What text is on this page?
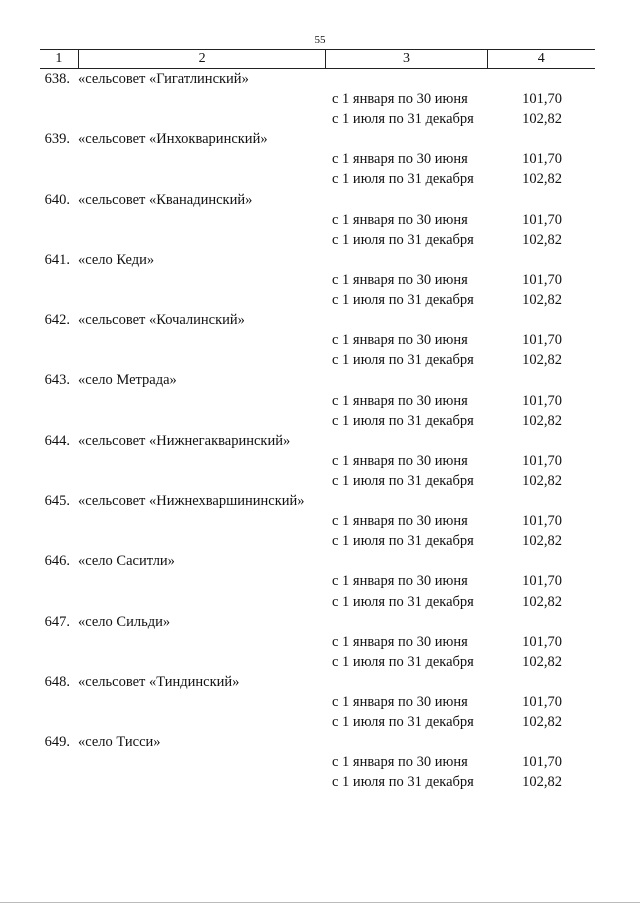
55
1	2	3	4
638. «сельсовет «Гигатлинский»
с 1 января по 30 июня	101,70
с 1 июля по 31 декабря	102,82
639. «сельсовет «Инхокваринский»
с 1 января по 30 июня	101,70
с 1 июля по 31 декабря	102,82
640. «сельсовет «Кванадинский»
с 1 января по 30 июня	101,70
с 1 июля по 31 декабря	102,82
641. «село Кеди»
с 1 января по 30 июня	101,70
с 1 июля по 31 декабря	102,82
642. «сельсовет «Кочалинский»
с 1 января по 30 июня	101,70
с 1 июля по 31 декабря	102,82
643. «село Метрада»
с 1 января по 30 июня	101,70
с 1 июля по 31 декабря	102,82
644. «сельсовет «Нижнегакваринский»
с 1 января по 30 июня	101,70
с 1 июля по 31 декабря	102,82
645. «сельсовет «Нижнехваршининский»
с 1 января по 30 июня	101,70
с 1 июля по 31 декабря	102,82
646. «село Саситли»
с 1 января по 30 июня	101,70
с 1 июля по 31 декабря	102,82
647. «село Сильди»
с 1 января по 30 июня	101,70
с 1 июля по 31 декабря	102,82
648. «сельсовет «Тиндинский»
с 1 января по 30 июня	101,70
с 1 июля по 31 декабря	102,82
649. «село Тисси»
с 1 января по 30 июня	101,70
с 1 июля по 31 декабря	102,82
